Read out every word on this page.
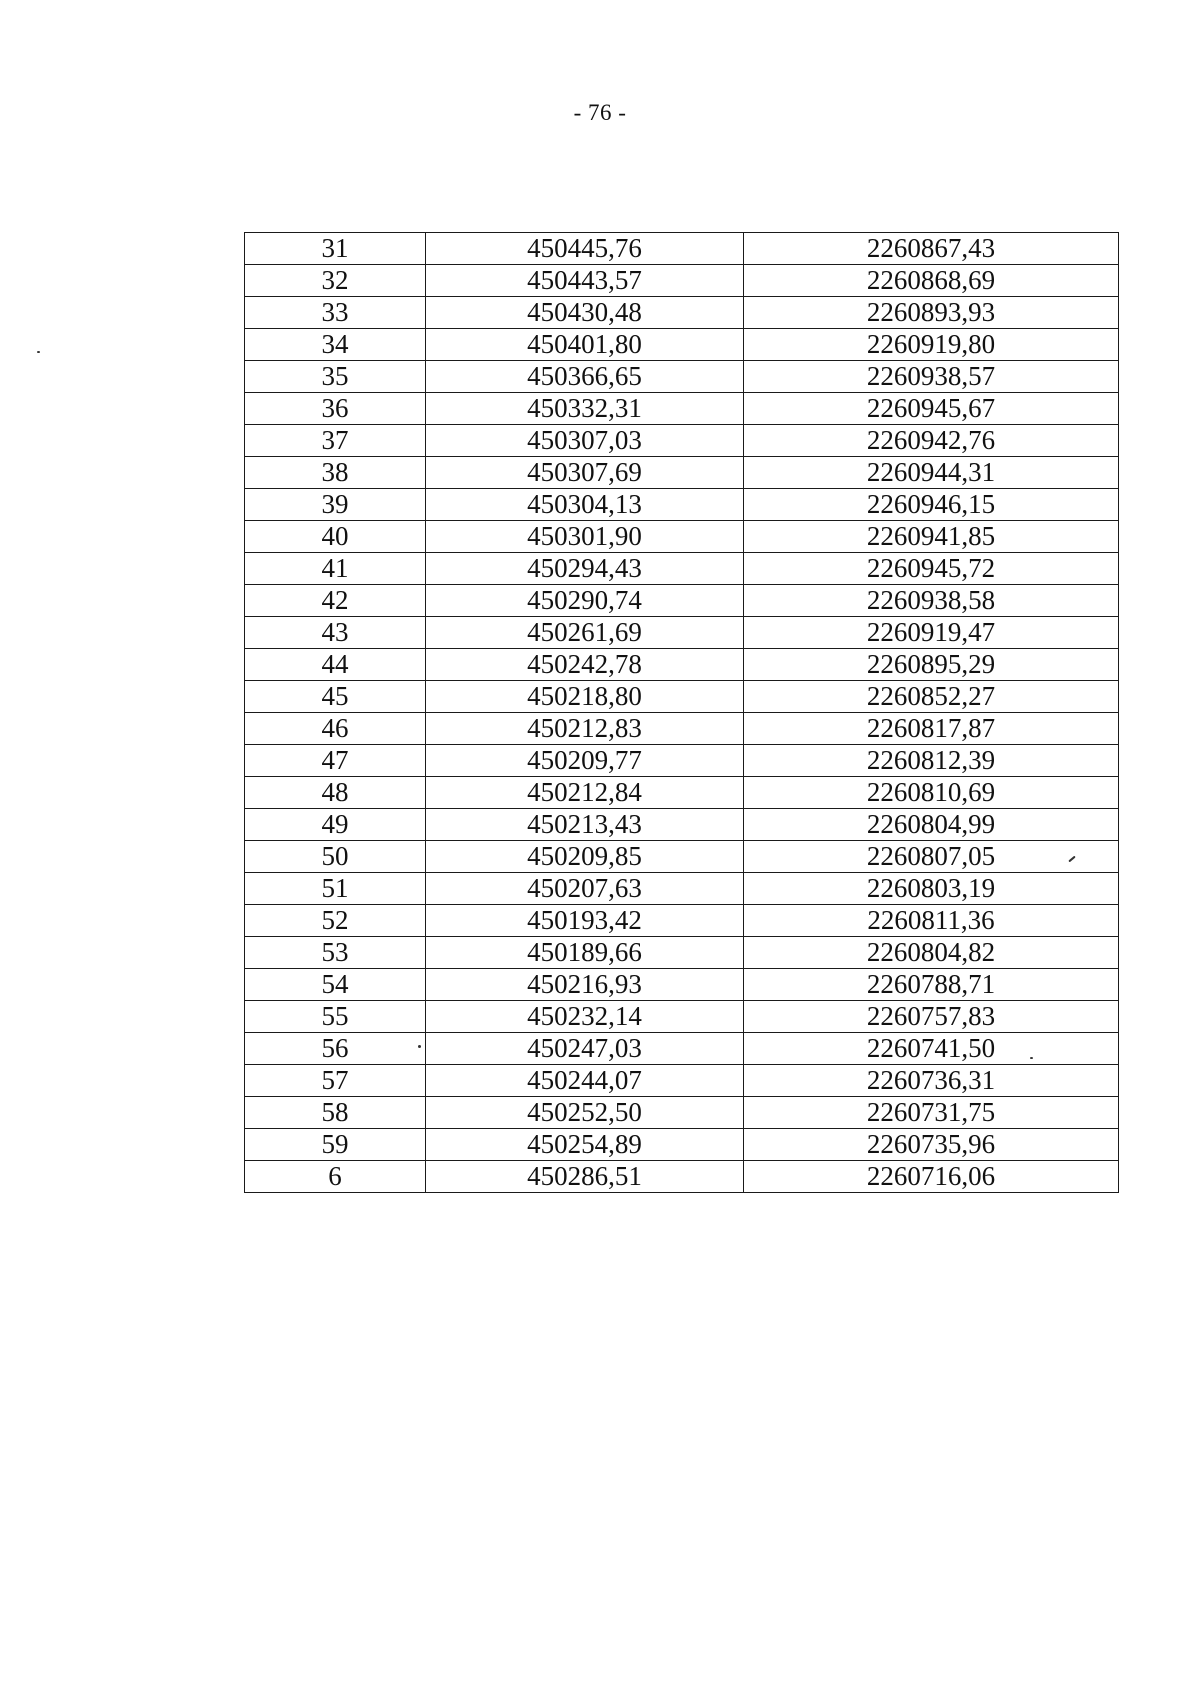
- 76 -
31	450445,76	2260867,43
32	450443,57	2260868,69
33	450430,48	2260893,93
34	450401,80	2260919,80
35	450366,65	2260938,57
36	450332,31	2260945,67
37	450307,03	2260942,76
38	450307,69	2260944,31
39	450304,13	2260946,15
40	450301,90	2260941,85
41	450294,43	2260945,72
42	450290,74	2260938,58
43	450261,69	2260919,47
44	450242,78	2260895,29
45	450218,80	2260852,27
46	450212,83	2260817,87
47	450209,77	2260812,39
48	450212,84	2260810,69
49	450213,43	2260804,99
50	450209,85	2260807,05
51	450207,63	2260803,19
52	450193,42	2260811,36
53	450189,66	2260804,82
54	450216,93	2260788,71
55	450232,14	2260757,83
56	450247,03	2260741,50
57	450244,07	2260736,31
58	450252,50	2260731,75
59	450254,89	2260735,96
6	450286,51	2260716,06
